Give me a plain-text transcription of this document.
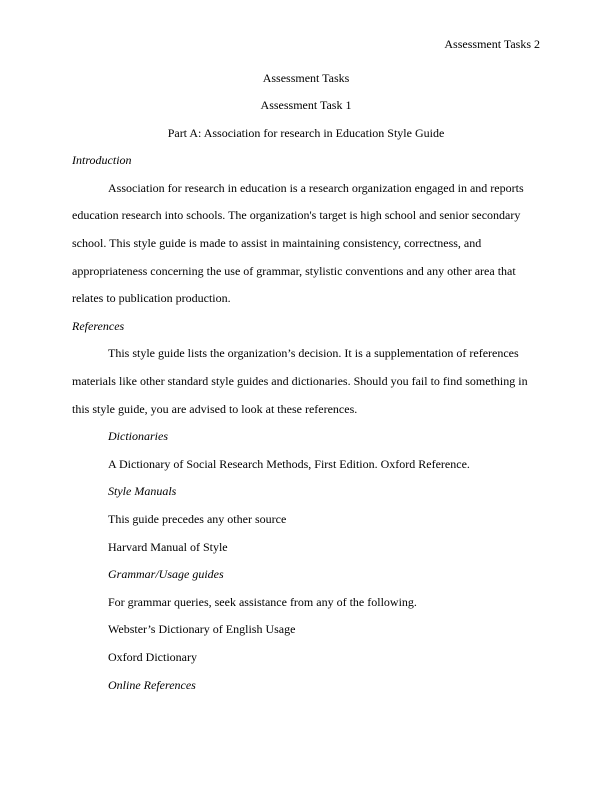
Assessment Tasks 2

Assessment Tasks

Assessment Task 1

Part A: Association for research in Education Style Guide

Introduction

Association for research in education is a research organization engaged in and reports
education research into schools. The organization's target is high school and senior secondary
school. This style guide is made to assist in maintaining consistency, correctness, and
appropriateness concerning the use of grammar, stylistic conventions and any other area that
relates to publication production.

References

This style guide lists the organization’s decision. It is a supplementation of references
materials like other standard style guides and dictionaries. Should you fail to find something in
this style guide, you are advised to look at these references.

Dictionaries

A Dictionary of Social Research Methods, First Edition. Oxford Reference.

Style Manuals

This guide precedes any other source

Harvard Manual of Style

Grammar/Usage guides

For grammar queries, seek assistance from any of the following.

Webster’s Dictionary of English Usage

Oxford Dictionary

Online References
